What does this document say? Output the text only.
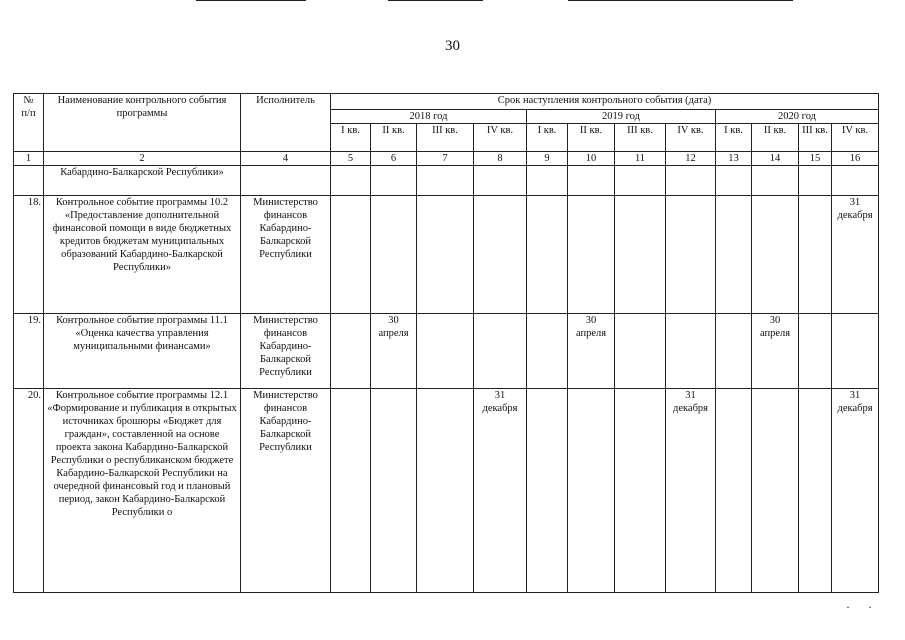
30
№
п/п	Наименование контрольного события программы	Исполнитель	Срок наступления контрольного события (дата)											
			2018 год				2019 год				2020 год			
			I кв.	II кв.	III кв.	IV кв.	I кв.	II кв.	III кв.	IV кв.	I кв.	II кв.	III кв.	IV кв.
1	2	4	5	6	7	8	9	10	11	12	13	14	15	16
	Кабардино-Балкарской Республики»													
18.	Контрольное событие программы 10.2 «Предоставление дополнительной финансовой помощи в виде бюджетных кредитов бюджетам муниципальных образований Кабардино-Балкарской Республики»	Министерство финансов Кабардино-Балкарской Республики												31 декабря
19.	Контрольное событие программы 11.1 «Оценка качества управления муниципальными финансами»	Министерство финансов Кабардино-Балкарской Республики		30 апреля				30 апреля				30 апреля		
20.	Контрольное событие программы 12.1 «Формирование и публикация в открытых источниках брошюры «Бюджет для граждан», составленной на основе проекта закона Кабардино-Балкарской Республики о республиканском бюджете Кабардино-Балкарской Республики на очередной финансовый год и плановый период, закон Кабардино-Балкарской Республики о	Министерство финансов Кабардино-Балкарской Республики				31 декабря				31 декабря				31 декабря
··
